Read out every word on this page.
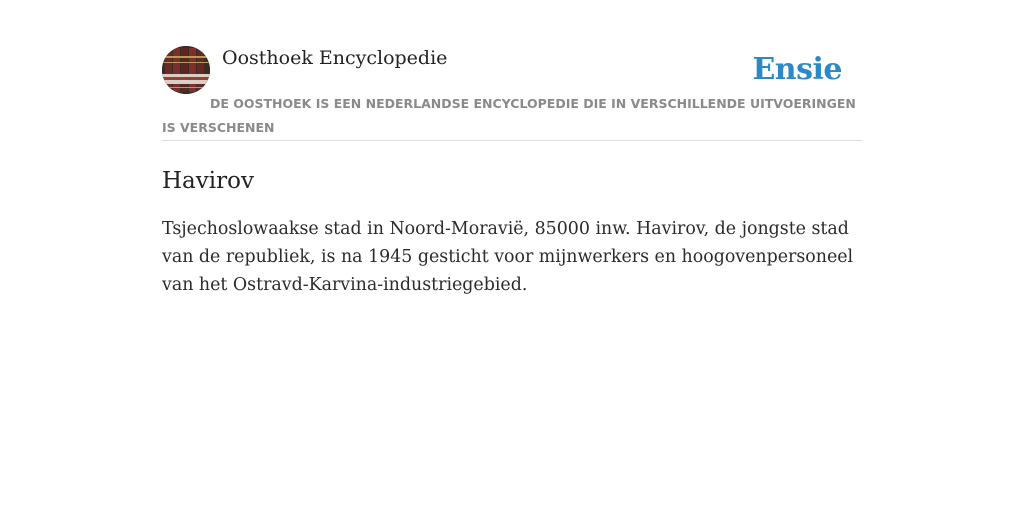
Oosthoek Encyclopedie	Ensie
DE OOSTHOEK IS EEN NEDERLANDSE ENCYCLOPEDIE DIE IN VERSCHILLENDE UITVOERINGEN IS VERSCHENEN
Havirov

Tsjechoslowaakse stad in Noord-Moravië, 85000 inw. Havirov, de jongste stad van de republiek, is na 1945 gesticht voor mijnwerkers en hoogovenpersoneel van het Ostravd-Karvina-industriegebied.
